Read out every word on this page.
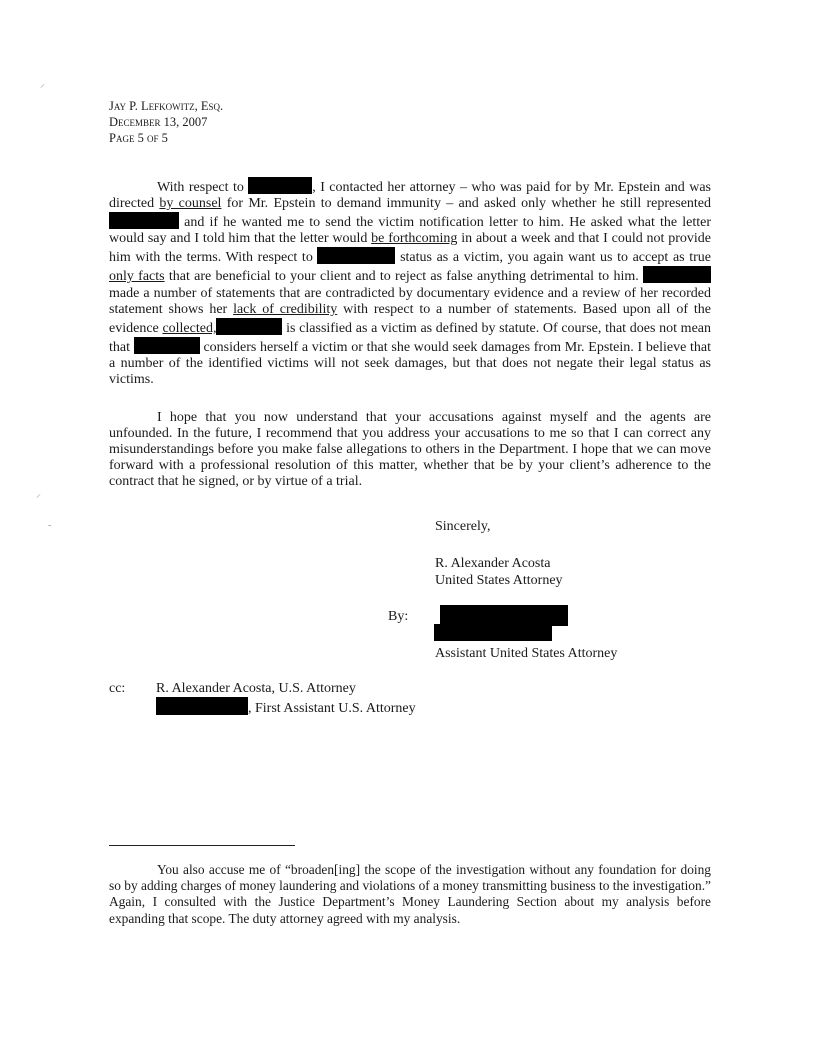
Jay P. Lefkowitz, Esq.
December 13, 2007
Page 5 of 5

With respect to	, I contacted her attorney – who was paid for by Mr. Epstein and was directed by counsel for Mr. Epstein to demand immunity – and asked only whether he still represented  and if he wanted me to send the victim notification letter to him. He asked what the letter would say and I told him that the letter would be forthcoming in about a week and that I could not provide him with the terms. With respect to	status as a victim, you again want us to accept as true only facts that are beneficial to your client and to reject as false anything detrimental to him.  made a number of statements that are contradicted by documentary evidence and a review of her recorded statement shows her lack of credibility with respect to a number of statements. Based upon all of the evidence collected,	is classified as a victim as defined by statute. Of course, that does not mean that	considers herself a victim or that she would seek damages from Mr. Epstein. I believe that a number of the identified victims will not seek damages, but that does not negate their legal status as victims.

I hope that you now understand that your accusations against myself and the agents are unfounded. In the future, I recommend that you address your accusations to me so that I can correct any misunderstandings before you make false allegations to others in the Department. I hope that we can move forward with a professional resolution of this matter, whether that be by your client’s adherence to the contract that he signed, or by virtue of a trial.

Sincerely,
R. Alexander Acosta
United States Attorney
By:
Assistant United States Attorney
cc: R. Alexander Acosta, U.S. Attorney
, First Assistant U.S. Attorney
You also accuse me of “broaden[ing] the scope of the investigation without any foundation for doing so by adding charges of money laundering and violations of a money transmitting business to the investigation.” Again, I consulted with the Justice Department’s Money Laundering Section about my analysis before expanding that scope. The duty attorney agreed with my analysis.
⸝
⸝
-
